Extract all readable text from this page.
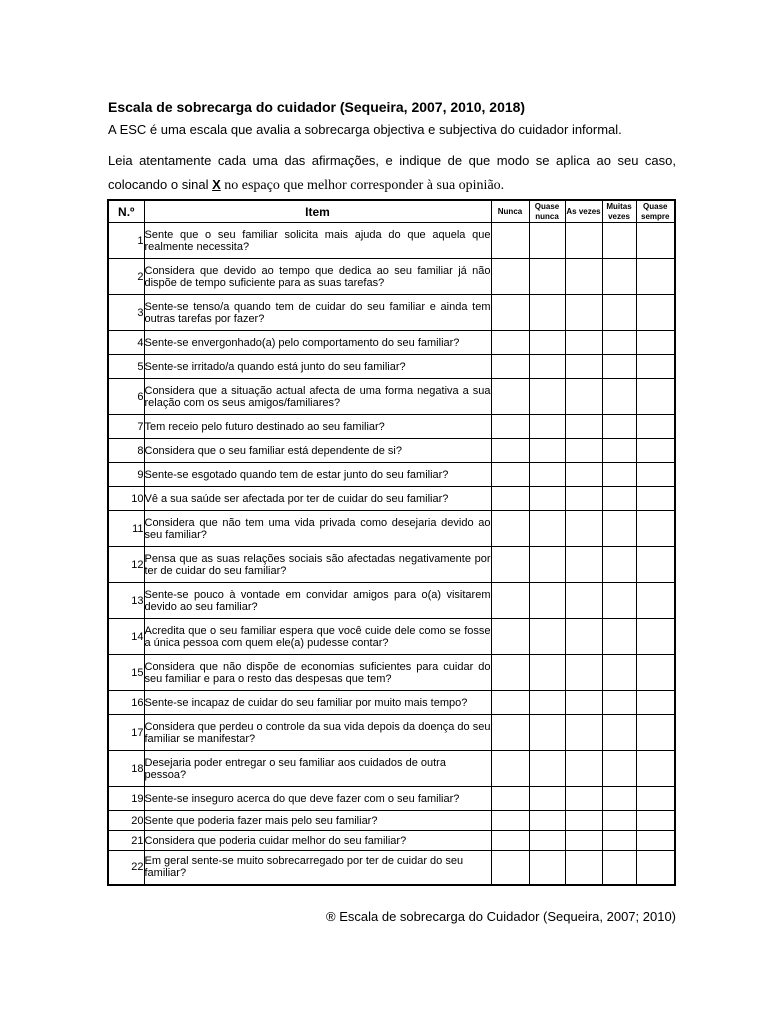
Escala de sobrecarga do cuidador (Sequeira, 2007, 2010, 2018)
A ESC é uma escala que avalia a sobrecarga objectiva e subjectiva do cuidador informal.
Leia atentamente cada uma das afirmações, e indique de que modo se aplica ao seu caso,
colocando o sinal X no espaço que melhor corresponder à sua opinião.
N.º	Item	Nunca	Quase nunca	As vezes	Muitas vezes	Quase sempre
1	Sente que o seu familiar solicita mais ajuda do que aquela que realmente necessita?					
2	Considera que devido ao tempo que dedica ao seu familiar já não dispõe de tempo suficiente para as suas tarefas?					
3	Sente-se tenso/a quando tem de cuidar do seu familiar e ainda tem outras tarefas por fazer?					
4	Sente-se envergonhado(a) pelo comportamento do seu familiar?					
5	Sente-se irritado/a quando está junto do seu familiar?					
6	Considera que a situação actual afecta de uma forma negativa a sua relação com os seus amigos/familiares?					
7	Tem receio pelo futuro destinado ao seu familiar?					
8	Considera que o seu familiar está dependente de si?					
9	Sente-se esgotado quando tem de estar junto do seu familiar?					
10	Vê a sua saúde ser afectada por ter de cuidar do seu familiar?					
11	Considera que não tem uma vida privada como desejaria devido ao seu familiar?					
12	Pensa que as suas relações sociais são afectadas negativamente por ter de cuidar do seu familiar?					
13	Sente-se pouco à vontade em convidar amigos para o(a) visitarem devido ao seu familiar?					
14	Acredita que o seu familiar espera que você cuide dele como se fosse a única pessoa com quem ele(a) pudesse contar?					
15	Considera que não dispõe de economias suficientes para cuidar do seu familiar e para o resto das despesas que tem?					
16	Sente-se incapaz de cuidar do seu familiar por muito mais tempo?					
17	Considera que perdeu o controle da sua vida depois da doença do seu familiar se manifestar?					
18	Desejaria poder entregar o seu familiar aos cuidados de outra pessoa?					
19	Sente-se inseguro acerca do que deve fazer com o seu familiar?					
20	Sente que poderia fazer mais pelo seu familiar?					
21	Considera que poderia cuidar melhor do seu familiar?					
22	Em geral sente-se muito sobrecarregado por ter de cuidar do seu familiar?					
® Escala de sobrecarga do Cuidador (Sequeira, 2007; 2010)
